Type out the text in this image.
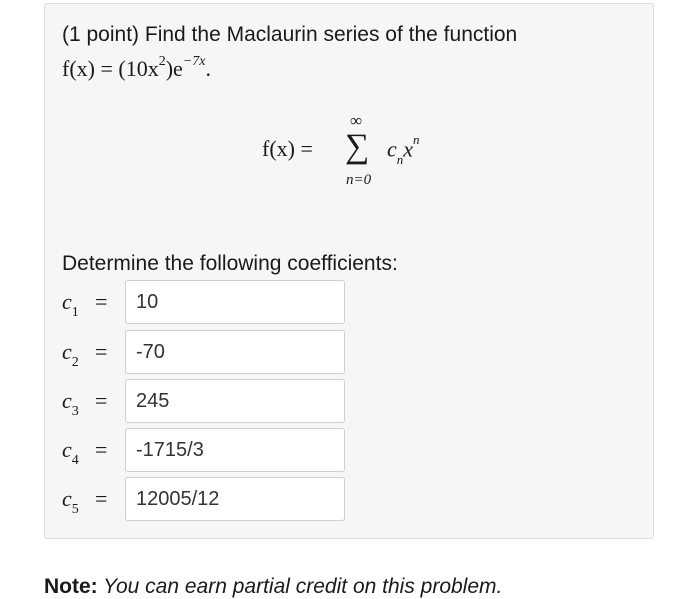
(1 point) Find the Maclaurin series of the function
$f(x) = (10x^2)e^{-7x}$.
f(x) =
∞
∑
n=0
$c_nx^n$
Determine the following coefficients:
$c_1$ =	10
$c_2$ =	-70
$c_3$ =	245
$c_4$ =	-1715/3
$c_5$ =	12005/12
Note: You can earn partial credit on this problem.
